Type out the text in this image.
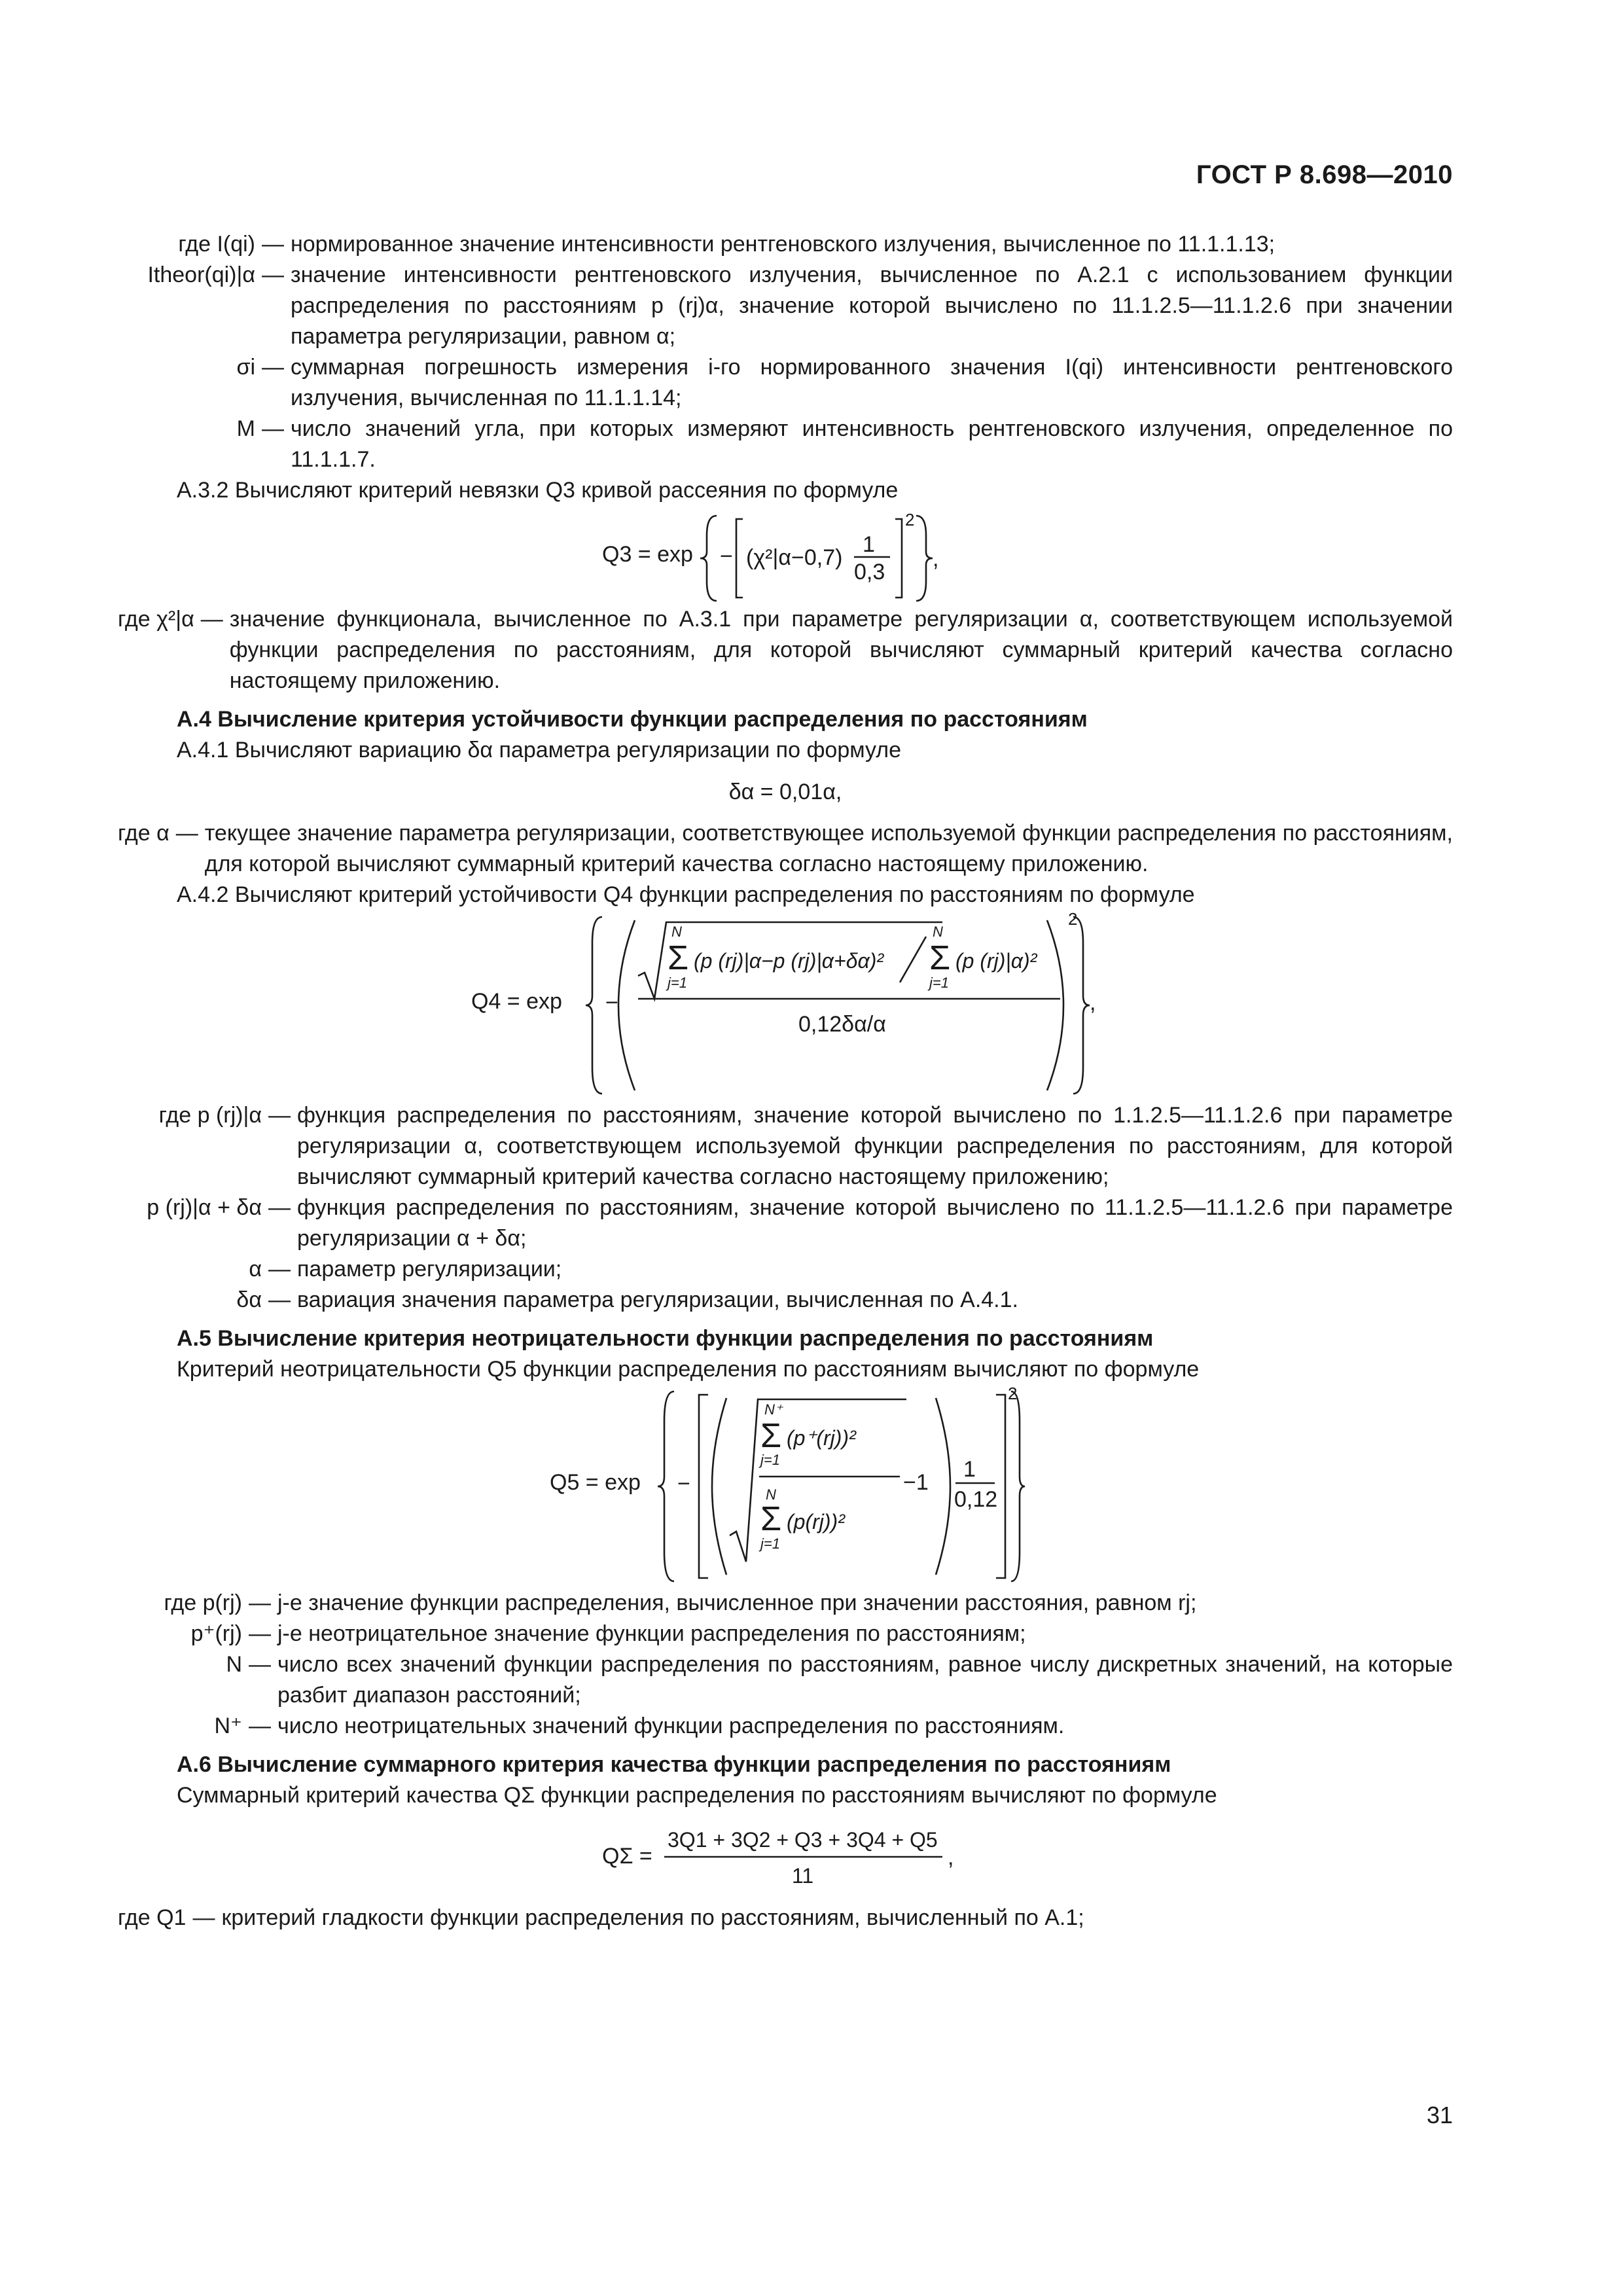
ГОСТ Р 8.698—2010
где I(qi) — нормированное значение интенсивности рентгеновского излучения, вычисленное по 11.1.1.13;
Itheor(qi)|α — значение интенсивности рентгеновского излучения, вычисленное по А.2.1 с использованием функции распределения по расстояниям p (rj)α, значение которой вычислено по 11.1.2.5—11.1.2.6 при значении параметра регуляризации, равном α;
σi — суммарная погрешность измерения i-го нормированного значения I(qi) интенсивности рентгеновского излучения, вычисленная по 11.1.1.14;
M — число значений угла, при которых измеряют интенсивность рентгеновского излучения, определенное по 11.1.1.7.
А.3.2 Вычисляют критерий невязки Q3 кривой рассеяния по формуле
Q3 = exp − (χ²|α−0,7)
1
0,3
2
,
где χ²|α — значение функционала, вычисленное по А.3.1 при параметре регуляризации α, соответствующем используемой функции распределения по расстояниям, для которой вычисляют суммарный критерий качества согласно настоящему приложению.
А.4 Вычисление критерия устойчивости функции распределения по расстояниям
А.4.1 Вычисляют вариацию δα параметра регуляризации по формуле
δα = 0,01α,
где α — текущее значение параметра регуляризации, соответствующее используемой функции распределения по расстояниям, для которой вычисляют суммарный критерий качества согласно настоящему приложению.
А.4.2 Вычисляют критерий устойчивости Q4 функции распределения по расстояниям по формуле
Q4 = exp −
N
Σ
j=1
(p (rj)|α−p (rj)|α+δα)²
N
Σ
j=1
(p (rj)|α)²
0,12δα/α
2
,
где p (rj)|α — функция распределения по расстояниям, значение которой вычислено по 1.1.2.5—11.1.2.6 при параметре регуляризации α, соответствующем используемой функции распределения по расстояниям, для которой вычисляют суммарный критерий качества согласно настоящему приложению;
p (rj)|α + δα — функция распределения по расстояниям, значение которой вычислено по 11.1.2.5—11.1.2.6 при параметре регуляризации α + δα;
α — параметр регуляризации;
δα — вариация значения параметра регуляризации, вычисленная по А.4.1.
А.5 Вычисление критерия неотрицательности функции распределения по расстояниям
Критерий неотрицательности Q5 функции распределения по расстояниям вычисляют по формуле
Q5 = exp −
N⁺
Σ
j=1
(p⁺(rj))²
N
Σ
j=1
(p(rj))²
−1
1
0,12
2
где p(rj) — j-е значение функции распределения, вычисленное при значении расстояния, равном rj;
p⁺(rj) — j-е неотрицательное значение функции распределения по расстояниям;
N — число всех значений функции распределения по расстояниям, равное числу дискретных значений, на которые разбит диапазон расстояний;
N⁺ — число неотрицательных значений функции распределения по расстояниям.
А.6 Вычисление суммарного критерия качества функции распределения по расстояниям
Суммарный критерий качества QΣ функции распределения по расстояниям вычисляют по формуле
QΣ =
3Q1 + 3Q2 + Q3 + 3Q4 + Q5
11
,
где Q1 — критерий гладкости функции распределения по расстояниям, вычисленный по А.1;
31
